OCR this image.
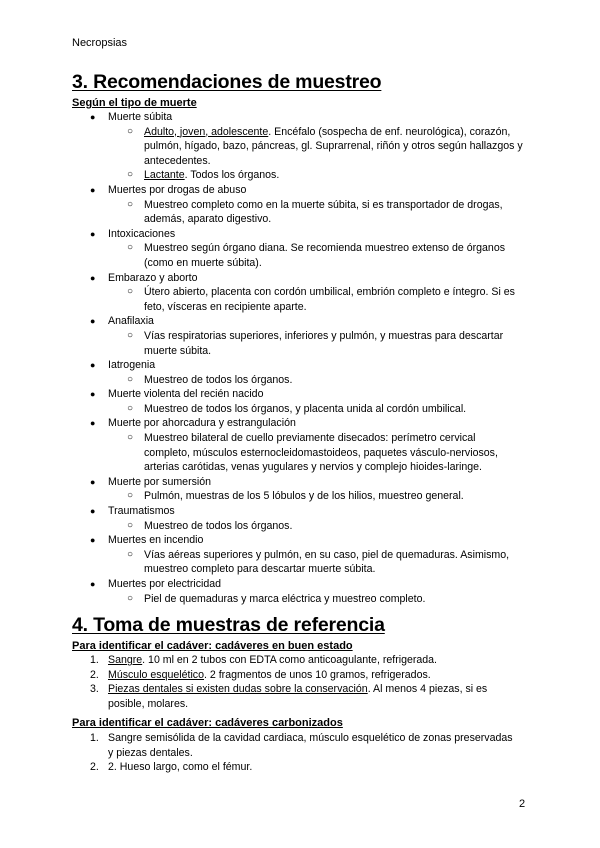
Necropsias
3. Recomendaciones de muestreo
Según el tipo de muerte
● Muerte súbita
○ Adulto, joven, adolescente. Encéfalo (sospecha de enf. neurológica), corazón, pulmón, hígado, bazo, páncreas, gl. Suprarrenal, riñón y otros según hallazgos y antecedentes.
○ Lactante. Todos los órganos.
● Muertes por drogas de abuso
○ Muestreo completo como en la muerte súbita, si es transportador de drogas, además, aparato digestivo.
● Intoxicaciones
○ Muestreo según órgano diana. Se recomienda muestreo extenso de órganos (como en muerte súbita).
● Embarazo y aborto
○ Útero abierto, placenta con cordón umbilical, embrión completo e íntegro. Si es feto, vísceras en recipiente aparte.
● Anafilaxia
○ Vías respiratorias superiores, inferiores y pulmón, y muestras para descartar muerte súbita.
● Iatrogenia
○ Muestreo de todos los órganos.
● Muerte violenta del recién nacido
○ Muestreo de todos los órganos, y placenta unida al cordón umbilical.
● Muerte por ahorcadura y estrangulación
○ Muestreo bilateral de cuello previamente disecados: perímetro cervical completo, músculos esternocleidomastoideos, paquetes vásculo-nerviosos, arterias carótidas, venas yugulares y nervios y complejo hioides-laringe.
● Muerte por sumersión
○ Pulmón, muestras de los 5 lóbulos y de los hilios, muestreo general.
● Traumatismos
○ Muestreo de todos los órganos.
● Muertes en incendio
○ Vías aéreas superiores y pulmón, en su caso, piel de quemaduras. Asimismo, muestreo completo para descartar muerte súbita.
● Muertes por electricidad
○ Piel de quemaduras y marca eléctrica y muestreo completo.
4. Toma de muestras de referencia
Para identificar el cadáver: cadáveres en buen estado
1. Sangre. 10 ml en 2 tubos con EDTA como anticoagulante, refrigerada.
2. Músculo esquelético. 2 fragmentos de unos 10 gramos, refrigerados.
3. Piezas dentales si existen dudas sobre la conservación. Al menos 4 piezas, si es posible, molares.
Para identificar el cadáver: cadáveres carbonizados
1. Sangre semisólida de la cavidad cardiaca, músculo esquelético de zonas preservadas y piezas dentales.
2. 2. Hueso largo, como el fémur.
2
